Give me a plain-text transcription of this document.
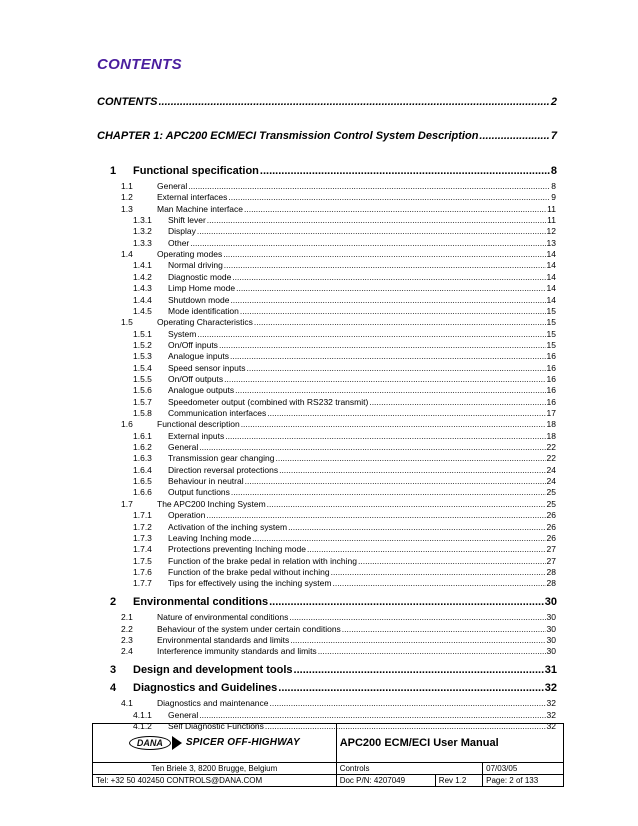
CONTENTS
CONTENTS .....	2
CHAPTER 1: APC200 ECM/ECI Transmission Control System Description .....	7
1	Functional specification .....	8
1.1	General .....	8
1.2	External interfaces .....	9
1.3	Man Machine interface .....	11
1.3.1	Shift lever .....	11
1.3.2	Display .....	12
1.3.3	Other .....	13
1.4	Operating modes .....	14
1.4.1	Normal driving .....	14
1.4.2	Diagnostic mode .....	14
1.4.3	Limp Home mode .....	14
1.4.4	Shutdown mode .....	14
1.4.5	Mode identification .....	15
1.5	Operating Characteristics .....	15
1.5.1	System .....	15
1.5.2	On/Off inputs .....	15
1.5.3	Analogue inputs .....	16
1.5.4	Speed sensor inputs .....	16
1.5.5	On/Off outputs .....	16
1.5.6	Analogue outputs .....	16
1.5.7	Speedometer output (combined with RS232 transmit) .....	16
1.5.8	Communication interfaces .....	17
1.6	Functional description .....	18
1.6.1	External inputs .....	18
1.6.2	General .....	22
1.6.3	Transmission gear changing .....	22
1.6.4	Direction reversal protections .....	24
1.6.5	Behaviour in neutral .....	24
1.6.6	Output functions .....	25
1.7	The APC200 Inching System .....	25
1.7.1	Operation .....	26
1.7.2	Activation of the inching system .....	26
1.7.3	Leaving Inching mode .....	26
1.7.4	Protections preventing Inching mode .....	27
1.7.5	Function of the brake pedal in relation with inching .....	27
1.7.6	Function of the brake pedal without inching .....	28
1.7.7	Tips for effectively using the inching system .....	28
2	Environmental conditions .....	30
2.1	Nature of environmental conditions .....	30
2.2	Behaviour of the system under certain conditions .....	30
2.3	Environmental standards and limits .....	30
2.4	Interference immunity standards and limits .....	30
3	Design and development tools .....	31
4	Diagnostics and Guidelines .....	32
4.1	Diagnostics and maintenance .....	32
4.1.1	General .....	32
4.1.2	Self Diagnostic Functions .....	32
DANA SPICER OFF-HIGHWAY	APC200 ECM/ECI User Manual		
Ten Briele 3, 8200 Brugge, Belgium	Controls		07/03/05
Tel: +32 50 402450 CONTROLS@DANA.COM	Doc P/N: 4207049	Rev 1.2	Page: 2 of 133
